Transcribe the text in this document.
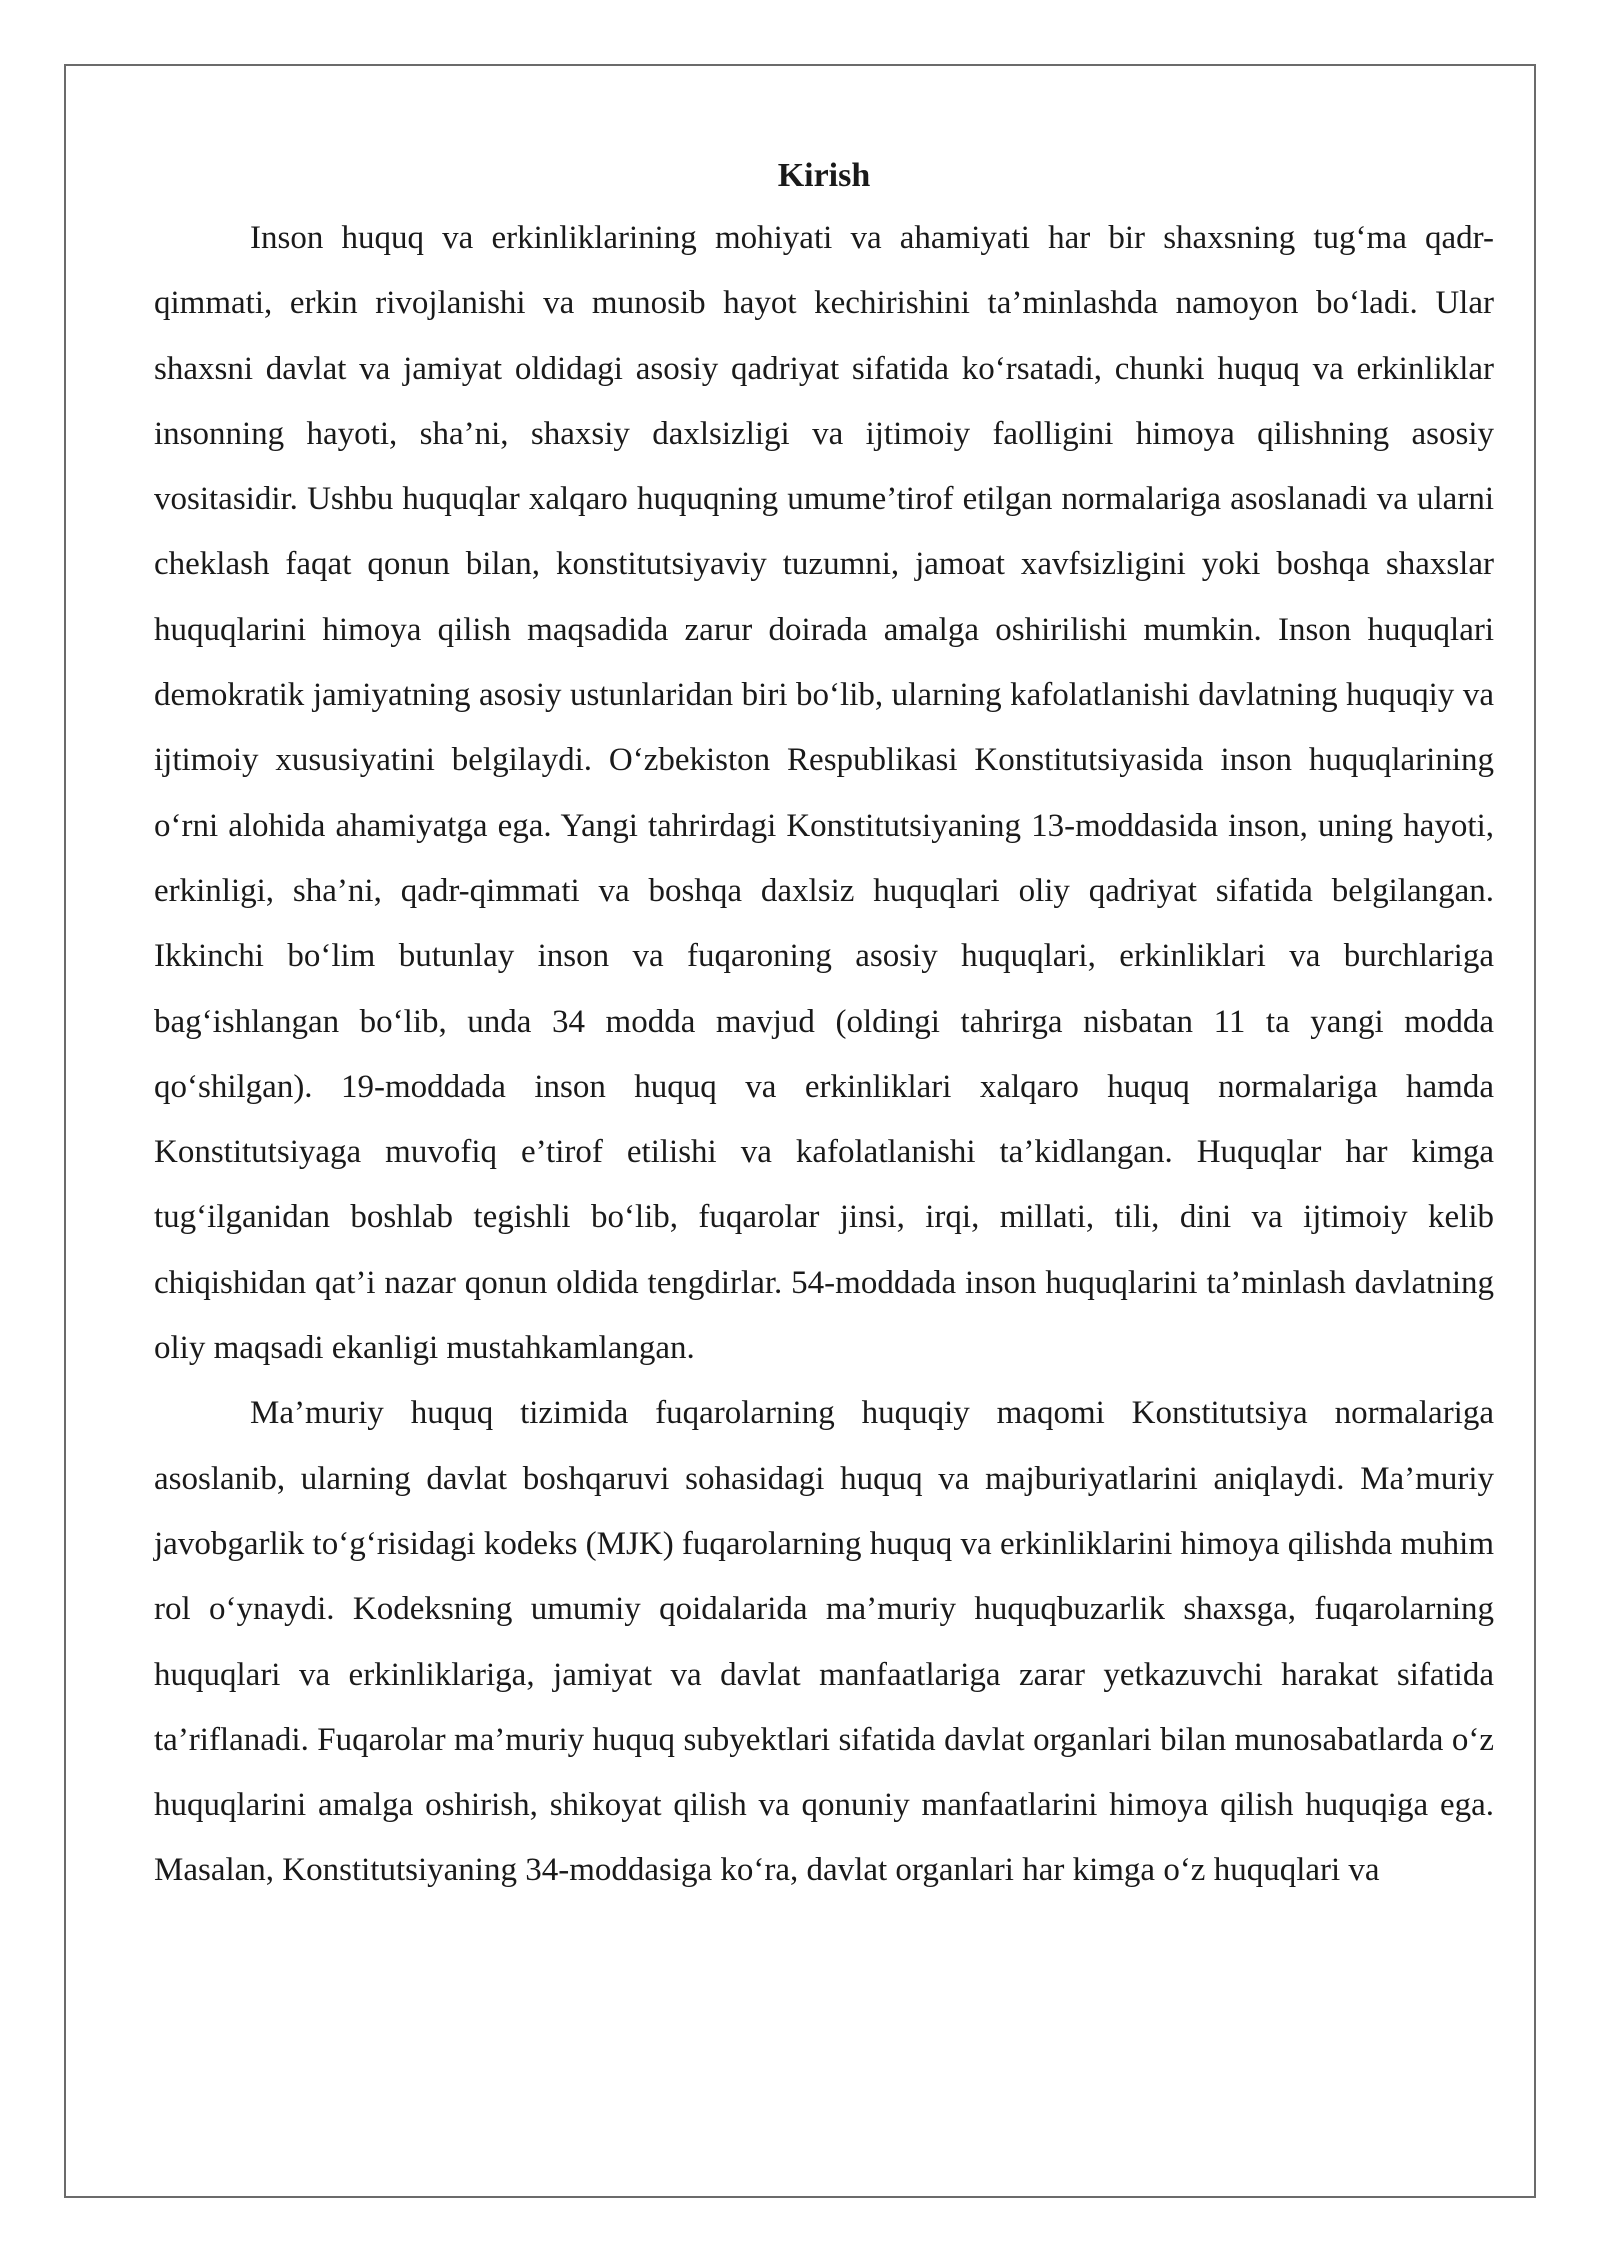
Kirish

Inson huquq va erkinliklarining mohiyati va ahamiyati har bir shaxsning tug‘ma qadr-qimmati, erkin rivojlanishi va munosib hayot kechirishini ta’minlashda namoyon bo‘ladi. Ular shaxsni davlat va jamiyat oldidagi asosiy qadriyat sifatida ko‘rsatadi, chunki huquq va erkinliklar insonning hayoti, sha’ni, shaxsiy daxlsizligi va ijtimoiy faolligini himoya qilishning asosiy vositasidir. Ushbu huquqlar xalqaro huquqning umume’tirof etilgan normalariga asoslanadi va ularni cheklash faqat qonun bilan, konstitutsiyaviy tuzumni, jamoat xavfsizligini yoki boshqa shaxslar huquqlarini himoya qilish maqsadida zarur doirada amalga oshirilishi mumkin. Inson huquqlari demokratik jamiyatning asosiy ustunlaridan biri bo‘lib, ularning kafolatlanishi davlatning huquqiy va ijtimoiy xususiyatini belgilaydi. O‘zbekiston Respublikasi Konstitutsiyasida inson huquqlarining o‘rni alohida ahamiyatga ega. Yangi tahrirdagi Konstitutsiyaning 13-moddasida inson, uning hayoti, erkinligi, sha’ni, qadr-qimmati va boshqa daxlsiz huquqlari oliy qadriyat sifatida belgilangan. Ikkinchi bo‘lim butunlay inson va fuqaroning asosiy huquqlari, erkinliklari va burchlariga bag‘ishlangan bo‘lib, unda 34 modda mavjud (oldingi tahrirga nisbatan 11 ta yangi modda qo‘shilgan). 19-moddada inson huquq va erkinliklari xalqaro huquq normalariga hamda Konstitutsiyaga muvofiq e’tirof etilishi va kafolatlanishi ta’kidlangan. Huquqlar har kimga tug‘ilganidan boshlab tegishli bo‘lib, fuqarolar jinsi, irqi, millati, tili, dini va ijtimoiy kelib chiqishidan qat’i nazar qonun oldida tengdirlar. 54-moddada inson huquqlarini ta’minlash davlatning oliy maqsadi ekanligi mustahkamlangan.

Ma’muriy huquq tizimida fuqarolarning huquqiy maqomi Konstitutsiya normalariga asoslanib, ularning davlat boshqaruvi sohasidagi huquq va majburiyatlarini aniqlaydi. Ma’muriy javobgarlik to‘g‘risidagi kodeks (MJK) fuqarolarning huquq va erkinliklarini himoya qilishda muhim rol o‘ynaydi. Kodeksning umumiy qoidalarida ma’muriy huquqbuzarlik shaxsga, fuqarolarning huquqlari va erkinliklariga, jamiyat va davlat manfaatlariga zarar yetkazuvchi harakat sifatida ta’riflanadi. Fuqarolar ma’muriy huquq subyektlari sifatida davlat organlari bilan munosabatlarda o‘z huquqlarini amalga oshirish, shikoyat qilish va qonuniy manfaatlarini himoya qilish huquqiga ega. Masalan, Konstitutsiyaning 34-moddasiga ko‘ra, davlat organlari har kimga o‘z huquqlari va
